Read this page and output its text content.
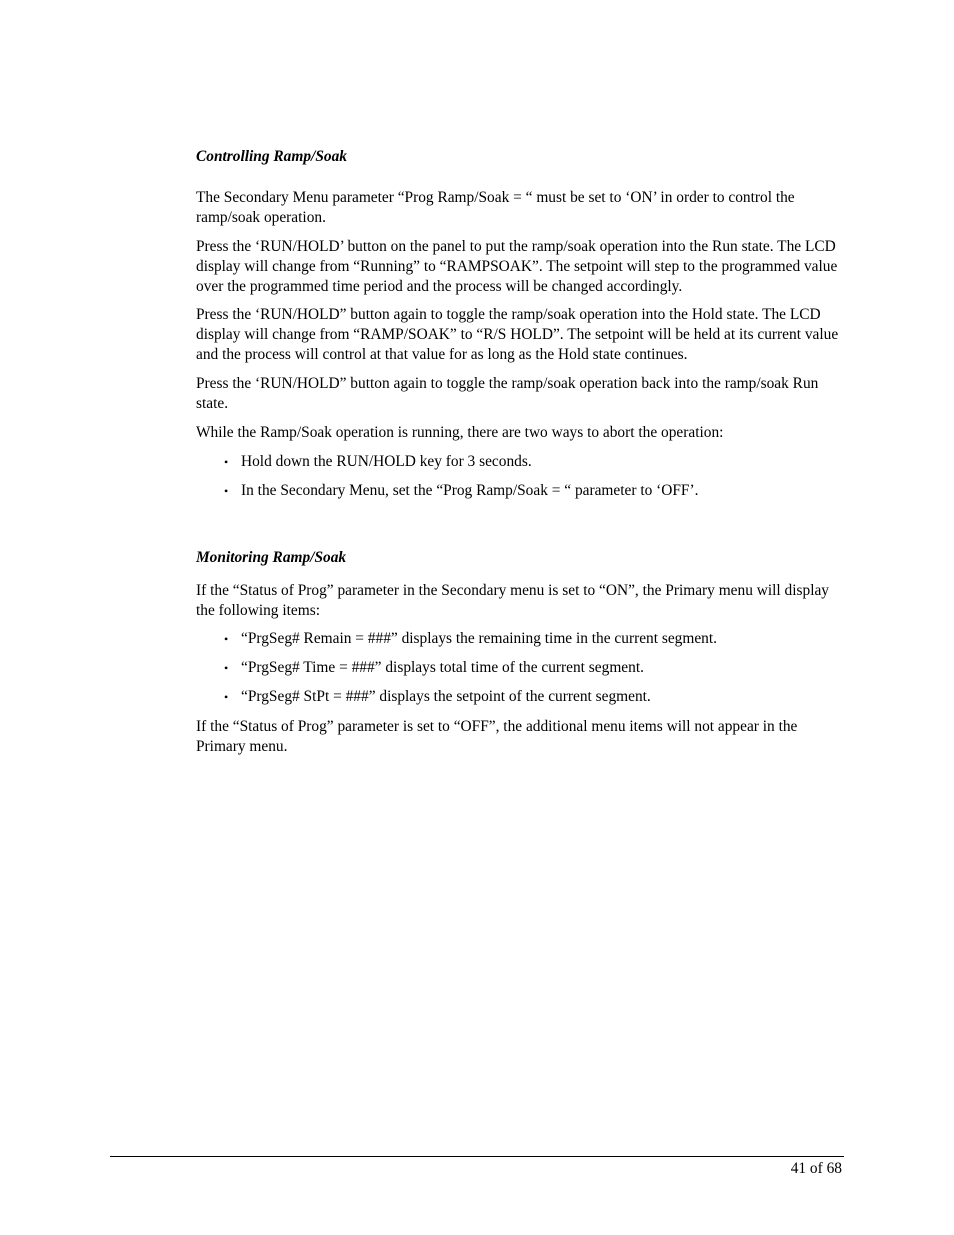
Controlling Ramp/Soak

The Secondary Menu parameter “Prog Ramp/Soak = “ must be set to ‘ON’ in order to control the ramp/soak operation.

Press the ‘RUN/HOLD’ button on the panel to put the ramp/soak operation into the Run state. The LCD display will change from “Running” to “RAMPSOAK”. The setpoint will step to the programmed value over the programmed time period and the process will be changed accordingly.

Press the ‘RUN/HOLD” button again to toggle the ramp/soak operation into the Hold state. The LCD display will change from “RAMP/SOAK” to “R/S HOLD”. The setpoint will be held at its current value and the process will control at that value for as long as the Hold state continues.

Press the ‘RUN/HOLD” button again to toggle the ramp/soak operation back into the ramp/soak Run state.

While the Ramp/Soak operation is running, there are two ways to abort the operation:

• Hold down the RUN/HOLD key for 3 seconds.
• In the Secondary Menu, set the “Prog Ramp/Soak = “ parameter to ‘OFF’.
Monitoring Ramp/Soak

If the “Status of Prog” parameter in the Secondary menu is set to “ON”, the Primary menu will display the following items:

• “PrgSeg# Remain = ###” displays the remaining time in the current segment.
• “PrgSeg# Time = ###” displays total time of the current segment.
• “PrgSeg# StPt = ###” displays the setpoint of the current segment.

If the “Status of Prog” parameter is set to “OFF”, the additional menu items will not appear in the Primary menu.

41 of 68
